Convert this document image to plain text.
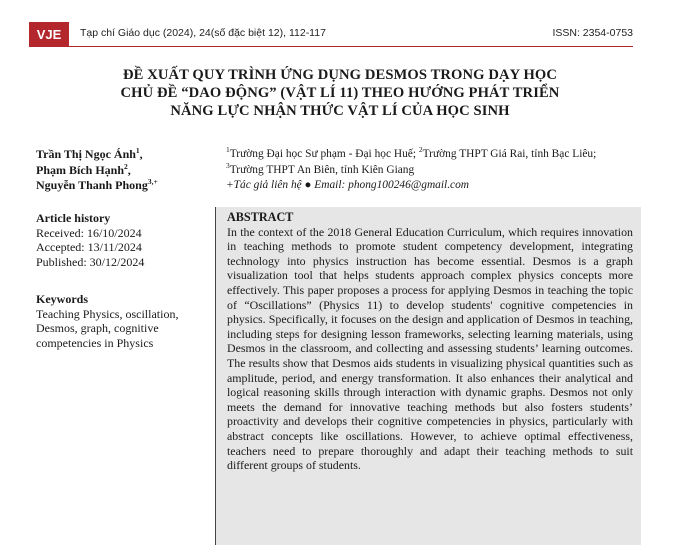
VJE	Tạp chí Giáo dục (2024), 24(số đặc biệt 12), 112-117	ISSN: 2354-0753
ĐỀ XUẤT QUY TRÌNH ỨNG DỤNG DESMOS TRONG DẠY HỌC
CHỦ ĐỀ “DAO ĐỘNG” (VẬT LÍ 11) THEO HƯỚNG PHÁT TRIỂN
NĂNG LỰC NHẬN THỨC VẬT LÍ CỦA HỌC SINH
Trần Thị Ngọc Ánh$^1$,
Phạm Bích Hạnh$^2$,
Nguyễn Thanh Phong$^{3,+}$
$^1$Trường Đại học Sư phạm - Đại học Huế; $^2$Trường THPT Giá Rai, tỉnh Bạc Liêu;
$^3$Trường THPT An Biên, tỉnh Kiên Giang
+Tác giả liên hệ ● Email: phong100246@gmail.com
Article history
Received: 16/10/2024
Accepted: 13/11/2024
Published: 30/12/2024
Keywords
Teaching Physics, oscillation, Desmos, graph, cognitive competencies in Physics
ABSTRACT
In the context of the 2018 General Education Curriculum, which requires innovation in teaching methods to promote student competency development, integrating technology into physics instruction has become essential. Desmos is a graph visualization tool that helps students approach complex physics concepts more effectively. This paper proposes a process for applying Desmos in teaching the topic of “Oscillations” (Physics 11) to develop students' cognitive competencies in physics. Specifically, it focuses on the design and application of Desmos in teaching, including steps for designing lesson frameworks, selecting learning materials, using Desmos in the classroom, and collecting and assessing students’ learning outcomes. The results show that Desmos aids students in visualizing physical quantities such as amplitude, period, and energy transformation. It also enhances their analytical and logical reasoning skills through interaction with dynamic graphs. Desmos not only meets the demand for innovative teaching methods but also fosters students’ proactivity and develops their cognitive competencies in physics, particularly with abstract concepts like oscillations. However, to achieve optimal effectiveness, teachers need to prepare thoroughly and adapt their teaching methods to suit different groups of students.
